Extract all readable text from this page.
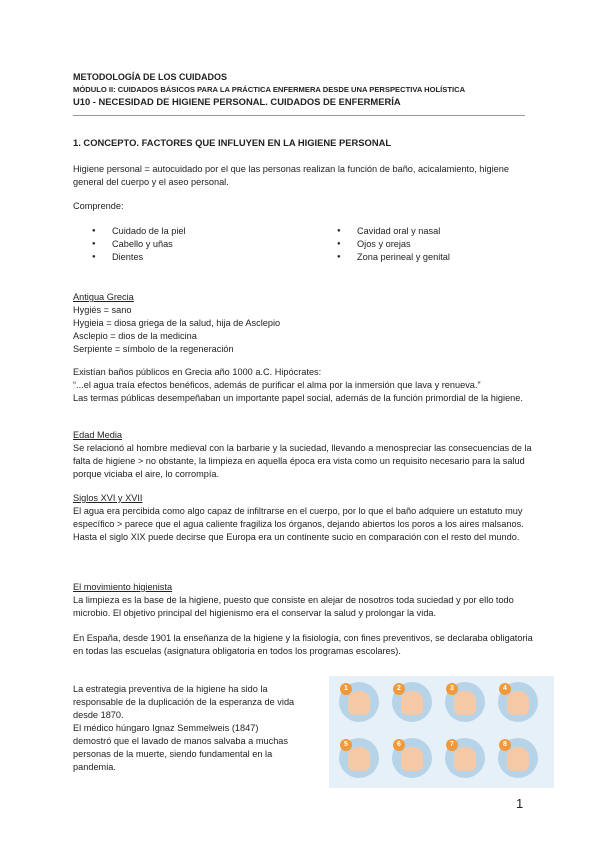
METODOLOGÍA DE LOS CUIDADOS
MÓDULO II: CUIDADOS BÁSICOS PARA LA PRÁCTICA ENFERMERA DESDE UNA PERSPECTIVA HOLÍSTICA
U10 - NECESIDAD DE HIGIENE PERSONAL. CUIDADOS DE ENFERMERÍA
1. CONCEPTO. FACTORES QUE INFLUYEN EN LA HIGIENE PERSONAL
Higiene personal = autocuidado por el que las personas realizan la función de baño, acicalamiento, higiene general del cuerpo y el aseo personal.
Comprende:
● Cuidado de la piel
● Cabello y uñas
● Dientes
● Cavidad oral y nasal
● Ojos y orejas
● Zona perineal y genital
Antigua Grecia
Hygiés = sano
Hygieia = diosa griega de la salud, hija de Asclepio
Asclepio = dios de la medicina
Serpiente = símbolo de la regeneración
Existían baños públicos en Grecia año 1000 a.C. Hipócrates:
“...el agua traía efectos benéficos, además de purificar el alma por la inmersión que lava y renueva.”
Las termas públicas desempeñaban un importante papel social, además de la función primordial de la higiene.
Edad Media
Se relacionó al hombre medieval con la barbarie y la suciedad, llevando a menospreciar las consecuencias de la falta de higiene > no obstante, la limpieza en aquella época era vista como un requisito necesario para la salud porque viciaba el aire, lo corrompía.
Siglos XVI y XVII
El agua era percibida como algo capaz de infiltrarse en el cuerpo, por lo que el baño adquiere un estatuto muy específico > parece que el agua caliente fragiliza los órganos, dejando abiertos los poros a los aires malsanos.
Hasta el siglo XIX puede decirse que Europa era un continente sucio en comparación con el resto del mundo.
El movimiento higienista
La limpieza es la base de la higiene, puesto que consiste en alejar de nosotros toda suciedad y por ello todo microbio. El objetivo principal del higienismo era el conservar la salud y prolongar la vida.
En España, desde 1901 la enseñanza de la higiene y la fisiología, con fines preventivos, se declaraba obligatoria en todas las escuelas (asignatura obligatoria en todos los programas escolares).
La estrategia preventiva de la higiene ha sido la
responsable de la duplicación de la esperanza de vida
desde 1870.
El médico húngaro Ignaz Semmelweis (1847)
demostró que el lavado de manos salvaba a muchas
personas de la muerte, siendo fundamental en la
pandemia.
1	2	3	4
5	6	7	8
1
